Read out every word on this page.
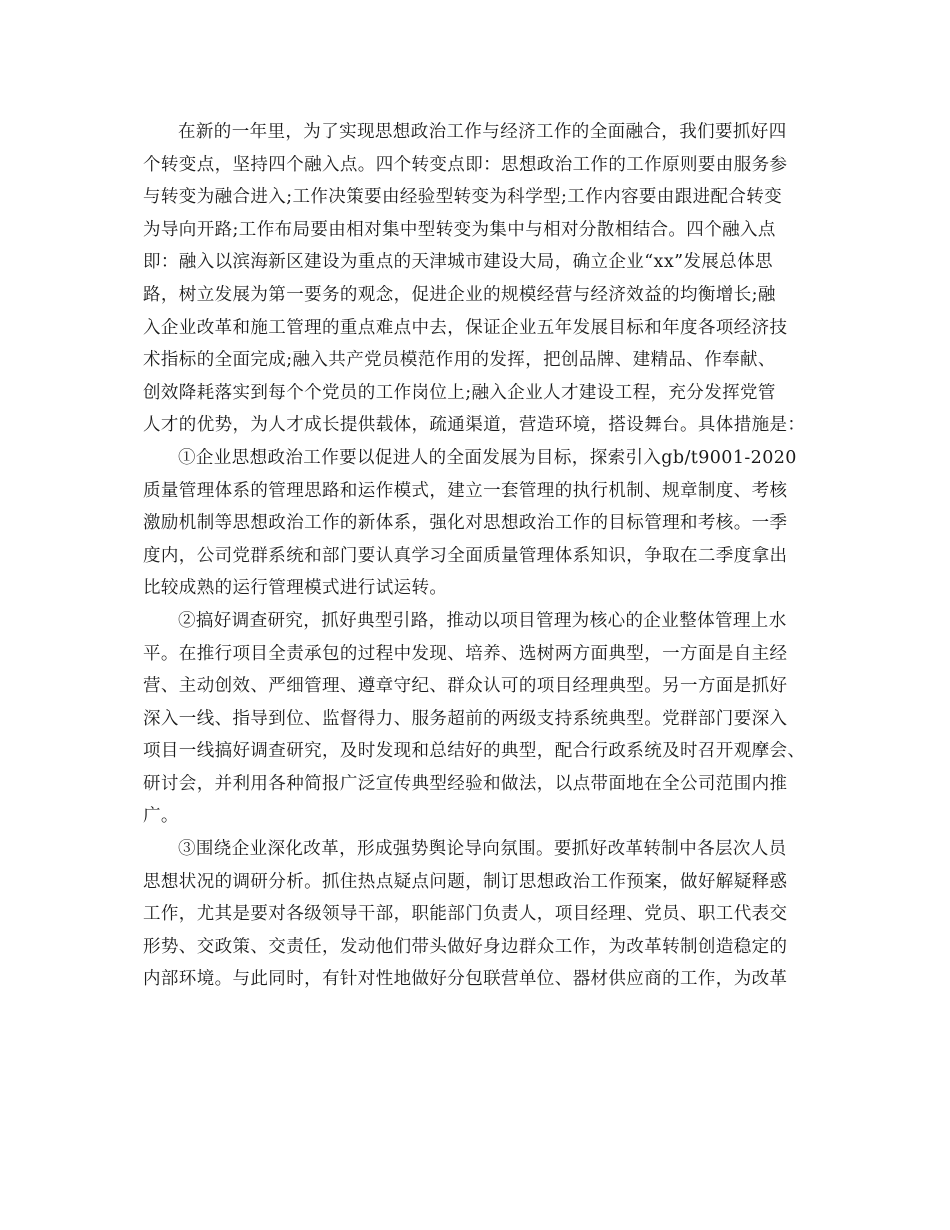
在新的一年里，为了实现思想政治工作与经济工作的全面融合，我们要抓好四
个转变点，坚持四个融入点。四个转变点即：思想政治工作的工作原则要由服务参
与转变为融合进入;工作决策要由经验型转变为科学型;工作内容要由跟进配合转变
为导向开路;工作布局要由相对集中型转变为集中与相对分散相结合。四个融入点
即：融入以滨海新区建设为重点的天津城市建设大局，确立企业“xx”发展总体思
路，树立发展为第一要务的观念，促进企业的规模经营与经济效益的均衡增长;融
入企业改革和施工管理的重点难点中去，保证企业五年发展目标和年度各项经济技
术指标的全面完成;融入共产党员模范作用的发挥，把创品牌、建精品、作奉献、
创效降耗落实到每个个党员的工作岗位上;融入企业人才建设工程，充分发挥党管
人才的优势，为人才成长提供载体，疏通渠道，营造环境，搭设舞台。具体措施是：
①企业思想政治工作要以促进人的全面发展为目标，探索引入gb/t9001-2020
质量管理体系的管理思路和运作模式，建立一套管理的执行机制、规章制度、考核
激励机制等思想政治工作的新体系，强化对思想政治工作的目标管理和考核。一季
度内，公司党群系统和部门要认真学习全面质量管理体系知识，争取在二季度拿出
比较成熟的运行管理模式进行试运转。
②搞好调查研究，抓好典型引路，推动以项目管理为核心的企业整体管理上水
平。在推行项目全责承包的过程中发现、培养、选树两方面典型，一方面是自主经
营、主动创效、严细管理、遵章守纪、群众认可的项目经理典型。另一方面是抓好
深入一线、指导到位、监督得力、服务超前的两级支持系统典型。党群部门要深入
项目一线搞好调查研究，及时发现和总结好的典型，配合行政系统及时召开观摩会、
研讨会，并利用各种简报广泛宣传典型经验和做法，以点带面地在全公司范围内推
广。
③围绕企业深化改革，形成强势舆论导向氛围。要抓好改革转制中各层次人员
思想状况的调研分析。抓住热点疑点问题，制订思想政治工作预案，做好解疑释惑
工作，尤其是要对各级领导干部，职能部门负责人，项目经理、党员、职工代表交
形势、交政策、交责任，发动他们带头做好身边群众工作，为改革转制创造稳定的
内部环境。与此同时，有针对性地做好分包联营单位、器材供应商的工作，为改革
